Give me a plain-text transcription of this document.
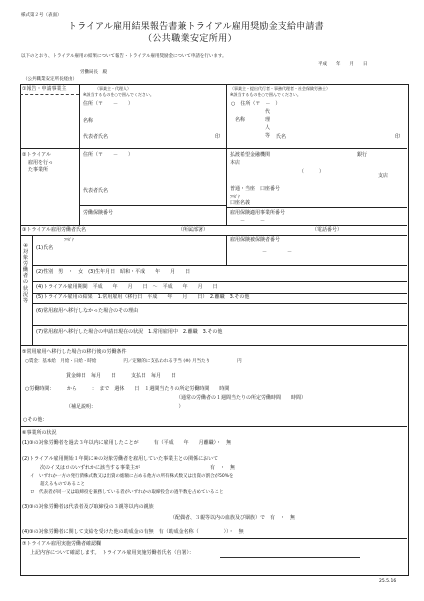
様式第２号（表面）
トライアル雇用結果報告書兼トライアル雇用奨励金支給申請書
（公共職業安定所用）
以下のとおり、トライアル雇用の結果について報告・トライアル雇用奨励金について申請を行います。
平成　　年　　月　　日
労働局長　殿
（公共職業安定所長経由）
①報告・申請事業主	（事業主・代理人）
※該当するものを○で囲んでください。
住所（〒　　－　　）
名称
代表者氏名	印
（事業主・提出代行者・事務代理者・社会保険労務士）
※該当するものを○で囲んでください。
○　住所（〒　－　）
代
名称	理
人
等 氏名	印
②トライアル
雇用を行っ
た事業所
住所（〒　　－　　）
代表者氏名
労働保険番号
払渡希望金融機関	銀行
本店
（　　　）
支店
普通・当座　口座番号
ﾌﾘｶﾞﾅ
口座名義
雇用保険適用事業所番号
－　　　－
③トライアル雇用労働者氏名	（所属部署）	（電話番号）
④
対
象
労
働
者
の
状
況
等
ﾌﾘｶﾞﾅ
(1)氏名
雇用保険被保険者番号
－　　　　－
(2)性別　男　・　女　(3)生年月日　昭和・平成　　年　　月　　日
(4)トライアル雇用期間　平成　　年　　月　　日　〜　平成　　年　　月　　日
(5)トライアル雇用の結果　1.常用雇用（移行日　平成　　年　　月　　日）　2.離職　3.その他
(6)常用雇用へ移行しなかった場合のその理由
(7)常用雇用へ移行した場合の申請日現在の状況　1.常用雇用中　2.離職　3.その他
⑤常用雇用へ移行した場合の移行後の労働条件
○賃金：基本給　月給・日給・時給　　　　　　円／定額的に支払われる手当 (※) 月当たり　　　　　　円
賃金締日　毎月　　日　　　支払日　毎月　　日
○労働時間：　　　から　　　：　まで　週休　　日　１週間当たりの所定労働時間　　時間
（通常の労働者の１週間当たりの所定労働時間　　時間）
（補足説明：　　　　　　　　　　　　　　　　　）
○その他：
⑥事業所の状況
(1)③の対象労働者を過去３年以内に雇用したことが　　　有（平成　　年　　月離職）・　無
(2)トライアル雇用開始１年間に④の対象労働者を雇用していた事業主との関係において
次のイ又はロのいずれかに該当する事業主が　　　　　　　　　　　　　　有　・　無
イ　いずれか一方の発行済株式数又は出資の総額に占める他方の所有株式数又は出資の割合が50%を
超えるものであること
ロ　代表者が同一又は取締役を兼務している者がいずれかの取締役会の過半数を占めていること
(3)③の対象労働者は代表者及び取締役の３親等以内の親族
（配偶者、３親等以内の血族及び姻族）で　有　・　無
(4)③の対象労働者に関して支給を受けた他の助成金の有無　有（助成金名称（　　　　　））・　無
⑦トライアル雇用実施労働者確認欄
上記内容について確認します。　トライアル雇用実施労働者氏名（自署）：
25.5.16
